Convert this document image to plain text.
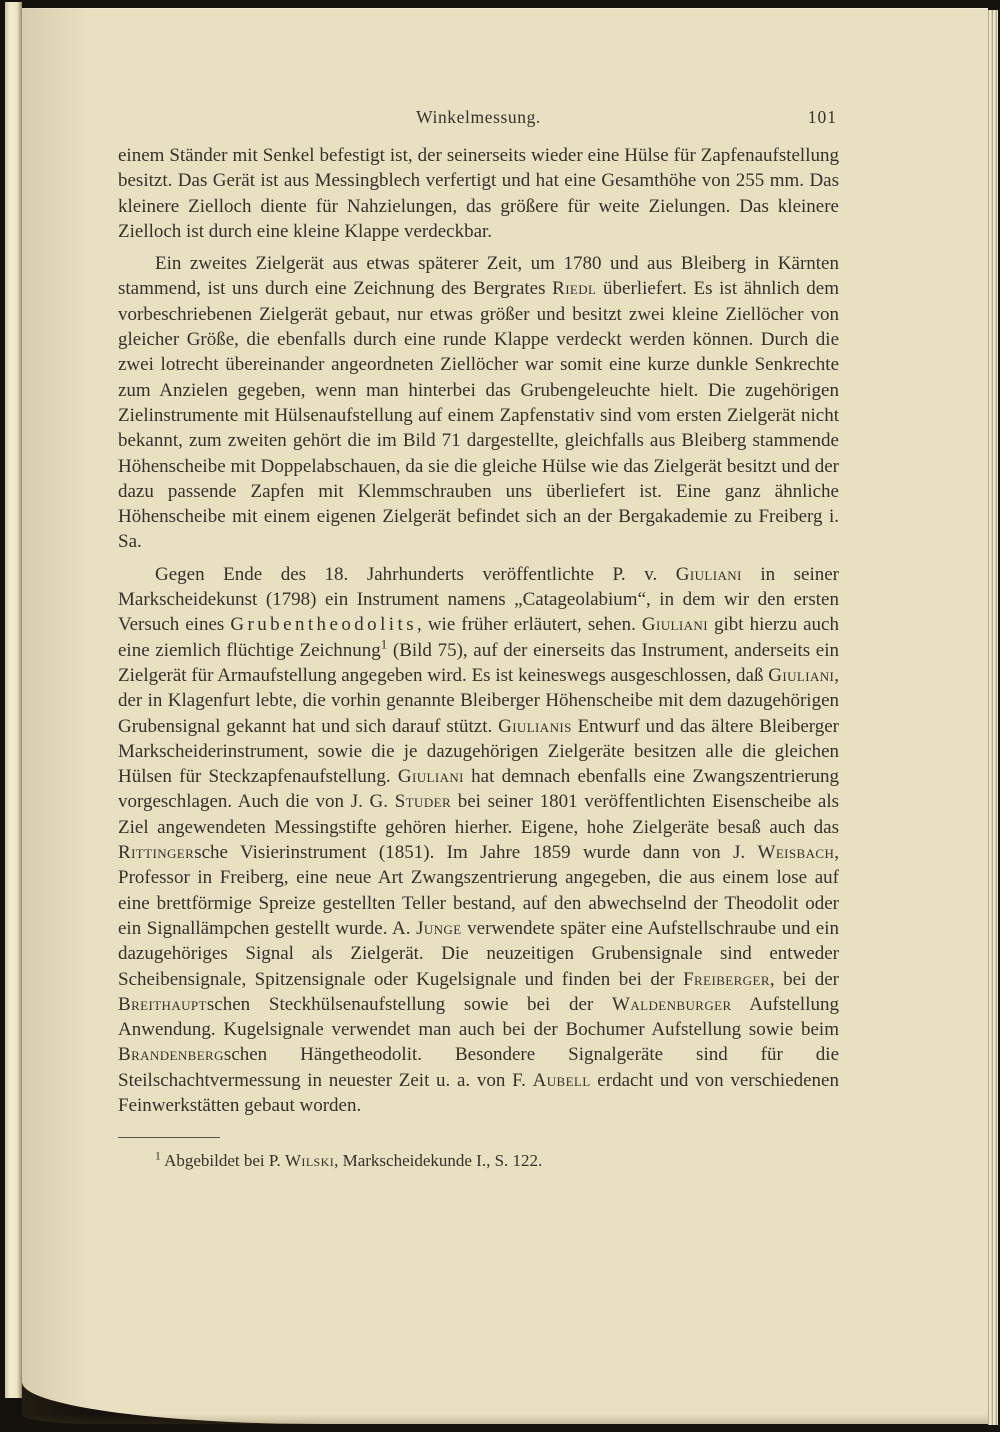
Winkelmessung.	101

einem Ständer mit Senkel befestigt ist, der seinerseits wieder eine Hülse für Zapfenaufstellung besitzt. Das Gerät ist aus Messingblech verfertigt und hat eine Gesamthöhe von 255 mm. Das kleinere Zielloch diente für Nahzielungen, das größere für weite Zielungen. Das kleinere Zielloch ist durch eine kleine Klappe verdeckbar.

Ein zweites Zielgerät aus etwas späterer Zeit, um 1780 und aus Bleiberg in Kärnten stammend, ist uns durch eine Zeichnung des Bergrates Riedl überliefert. Es ist ähnlich dem vorbeschriebenen Zielgerät gebaut, nur etwas größer und besitzt zwei kleine Ziellöcher von gleicher Größe, die ebenfalls durch eine runde Klappe verdeckt werden können. Durch die zwei lotrecht übereinander angeordneten Ziellöcher war somit eine kurze dunkle Senkrechte zum Anzielen gegeben, wenn man hinterbei das Grubengeleuchte hielt. Die zugehörigen Zielinstrumente mit Hülsenaufstellung auf einem Zapfenstativ sind vom ersten Zielgerät nicht bekannt, zum zweiten gehört die im Bild 71 dargestellte, gleichfalls aus Bleiberg stammende Höhenscheibe mit Doppelabschauen, da sie die gleiche Hülse wie das Zielgerät besitzt und der dazu passende Zapfen mit Klemmschrauben uns überliefert ist. Eine ganz ähnliche Höhenscheibe mit einem eigenen Zielgerät befindet sich an der Bergakademie zu Freiberg i. Sa.

Gegen Ende des 18. Jahrhunderts veröffentlichte P. v. Giuliani in seiner Markscheidekunst (1798) ein Instrument namens „Catageolabium“, in dem wir den ersten Versuch eines Grubentheodolits, wie früher erläutert, sehen. Giuliani gibt hierzu auch eine ziemlich flüchtige Zeichnung$^1$ (Bild 75), auf der einerseits das Instrument, anderseits ein Zielgerät für Armaufstellung angegeben wird. Es ist keineswegs ausgeschlossen, daß Giuliani, der in Klagenfurt lebte, die vorhin genannte Bleiberger Höhenscheibe mit dem dazugehörigen Grubensignal gekannt hat und sich darauf stützt. Giulianis Entwurf und das ältere Bleiberger Markscheiderinstrument, sowie die je dazugehörigen Zielgeräte besitzen alle die gleichen Hülsen für Steckzapfenaufstellung. Giuliani hat demnach ebenfalls eine Zwangszentrierung vorgeschlagen. Auch die von J. G. Studer bei seiner 1801 veröffentlichten Eisenscheibe als Ziel angewendeten Messingstifte gehören hierher. Eigene, hohe Zielgeräte besaß auch das Rittingersche Visierinstrument (1851). Im Jahre 1859 wurde dann von J. Weisbach, Professor in Freiberg, eine neue Art Zwangszentrierung angegeben, die aus einem lose auf eine brettförmige Spreize gestellten Teller bestand, auf den abwechselnd der Theodolit oder ein Signallämpchen gestellt wurde. A. Junge verwendete später eine Aufstellschraube und ein dazugehöriges Signal als Zielgerät. Die neuzeitigen Grubensignale sind entweder Scheibensignale, Spitzensignale oder Kugelsignale und finden bei der Freiberger, bei der Breithauptschen Steckhülsenaufstellung sowie bei der Waldenburger Aufstellung Anwendung. Kugelsignale verwendet man auch bei der Bochumer Aufstellung sowie beim Brandenbergschen Hängetheodolit. Besondere Signalgeräte sind für die Steilschachtvermessung in neuester Zeit u. a. von F. Aubell erdacht und von verschiedenen Feinwerkstätten gebaut worden.

$^1$ Abgebildet bei P. Wilski, Markscheidekunde I., S. 122.
